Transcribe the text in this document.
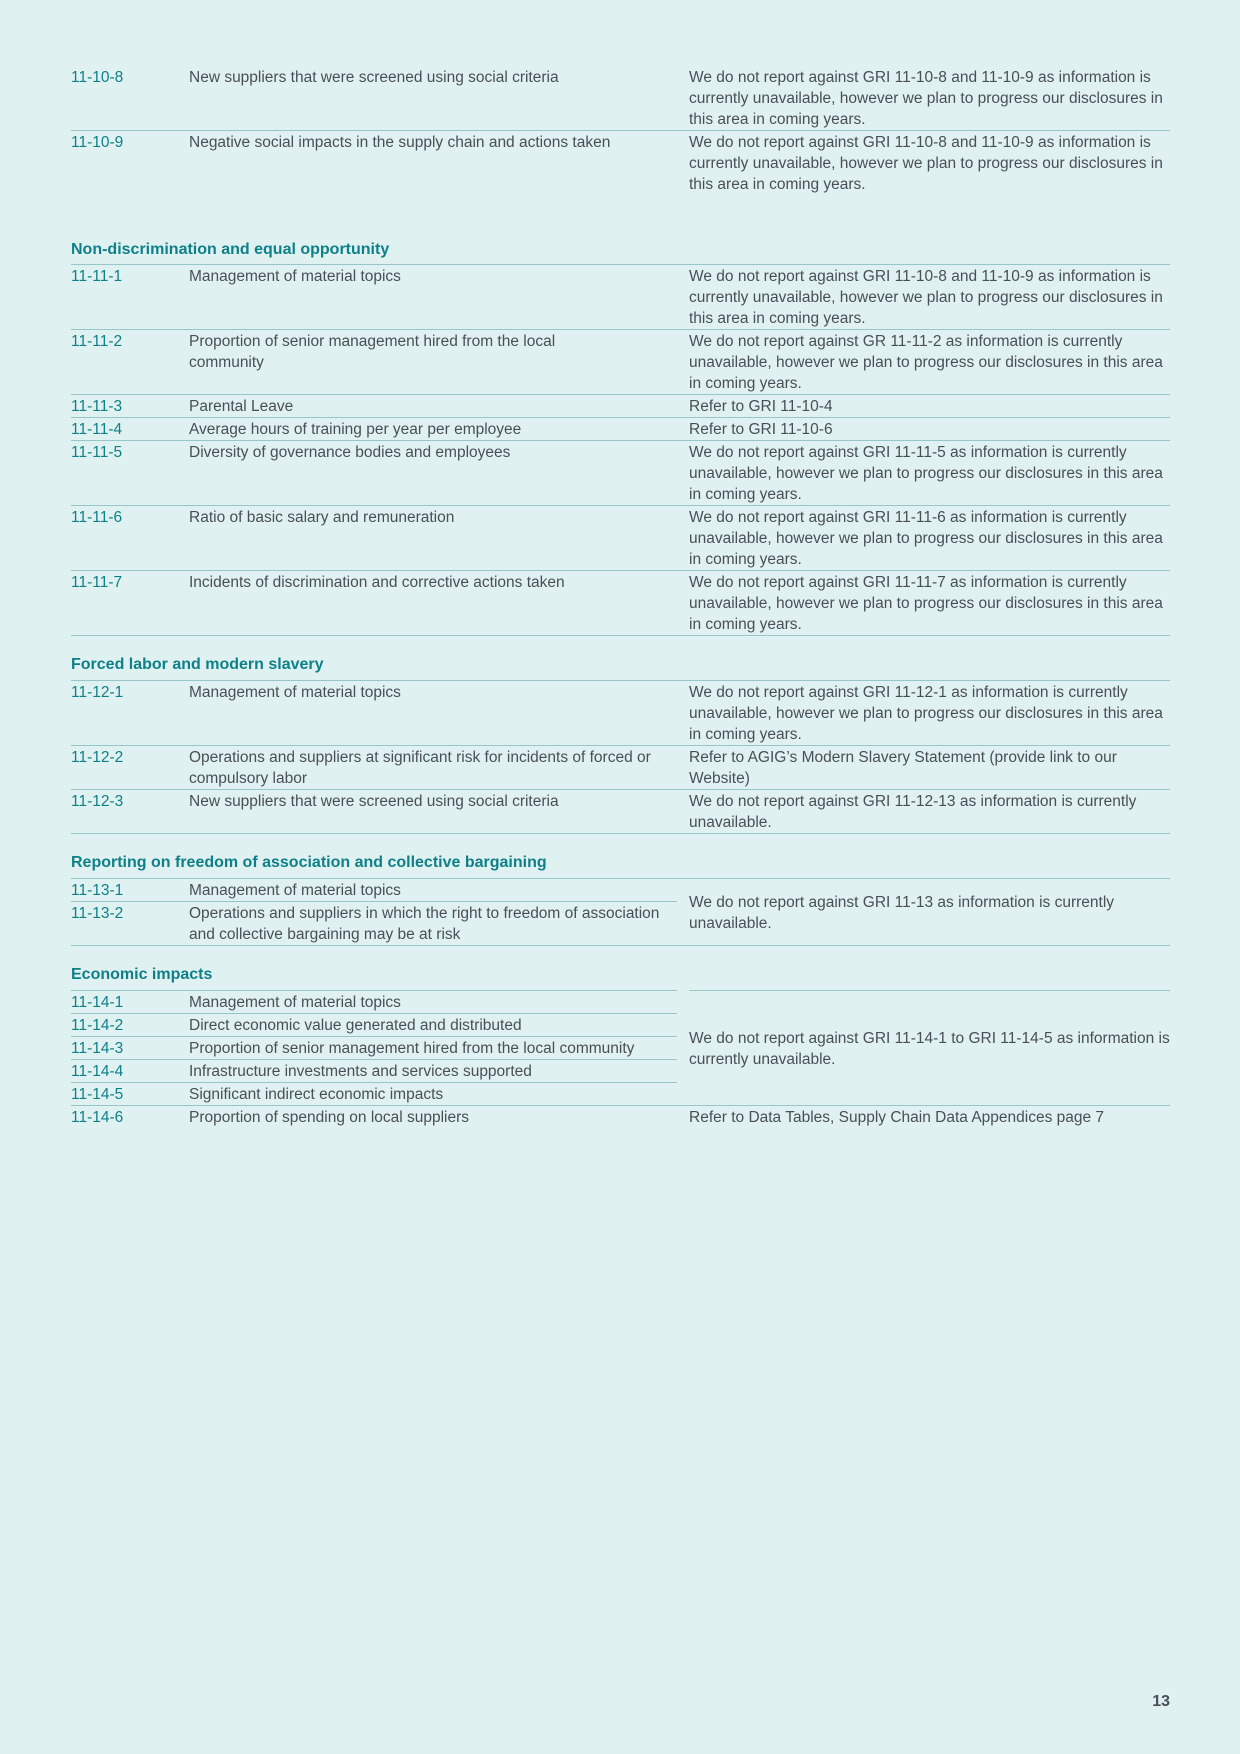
11-10-8	New suppliers that were screened using social criteria		We do not report against GRI 11-10-8 and 11-10-9 as information is currently unavailable, however we plan to progress our disclosures in this area in coming years.
11-10-9	Negative social impacts in the supply chain and actions taken		We do not report against GRI 11-10-8 and 11-10-9 as information is currently unavailable, however we plan to progress our disclosures in this area in coming years.
Non-discrimination and equal opportunity
11-11-1	Management of material topics		We do not report against GRI 11-10-8 and 11-10-9 as information is currently unavailable, however we plan to progress our disclosures in this area in coming years.
11-11-2	Proportion of senior management hired from the local community		We do not report against GR 11-11-2 as information is currently unavailable, however we plan to progress our disclosures in this area in coming years.
11-11-3	Parental Leave		Refer to GRI 11-10-4
11-11-4	Average hours of training per year per employee		Refer to GRI 11-10-6
11-11-5	Diversity of governance bodies and employees		We do not report against GRI 11-11-5 as information is currently unavailable, however we plan to progress our disclosures in this area in coming years.
11-11-6	Ratio of basic salary and remuneration		We do not report against GRI 11-11-6 as information is currently unavailable, however we plan to progress our disclosures in this area in coming years.
11-11-7	Incidents of discrimination and corrective actions taken		We do not report against GRI 11-11-7 as information is currently unavailable, however we plan to progress our disclosures in this area in coming years.
Forced labor and modern slavery
11-12-1	Management of material topics		We do not report against GRI 11-12-1 as information is currently unavailable, however we plan to progress our disclosures in this area in coming years.
11-12-2	Operations and suppliers at significant risk for incidents of forced or compulsory labor		Refer to AGIG’s Modern Slavery Statement (provide link to our Website)
11-12-3	New suppliers that were screened using social criteria		We do not report against GRI 11-12-13 as information is currently unavailable.
Reporting on freedom of association and collective bargaining
11-13-1	Management of material topics		We do not report against GRI 11-13 as information is currently unavailable.
11-13-2	Operations and suppliers in which the right to freedom of association and collective bargaining may be at risk		
Economic impacts
11-14-1	Management of material topics		We do not report against GRI 11-14-1 to GRI 11-14-5 as information is currently unavailable.
11-14-2	Direct economic value generated and distributed		
11-14-3	Proportion of senior management hired from the local community		
11-14-4	Infrastructure investments and services supported		
11-14-5	Significant indirect economic impacts		
11-14-6	Proportion of spending on local suppliers		Refer to Data Tables, Supply Chain Data Appendices page 7
13
